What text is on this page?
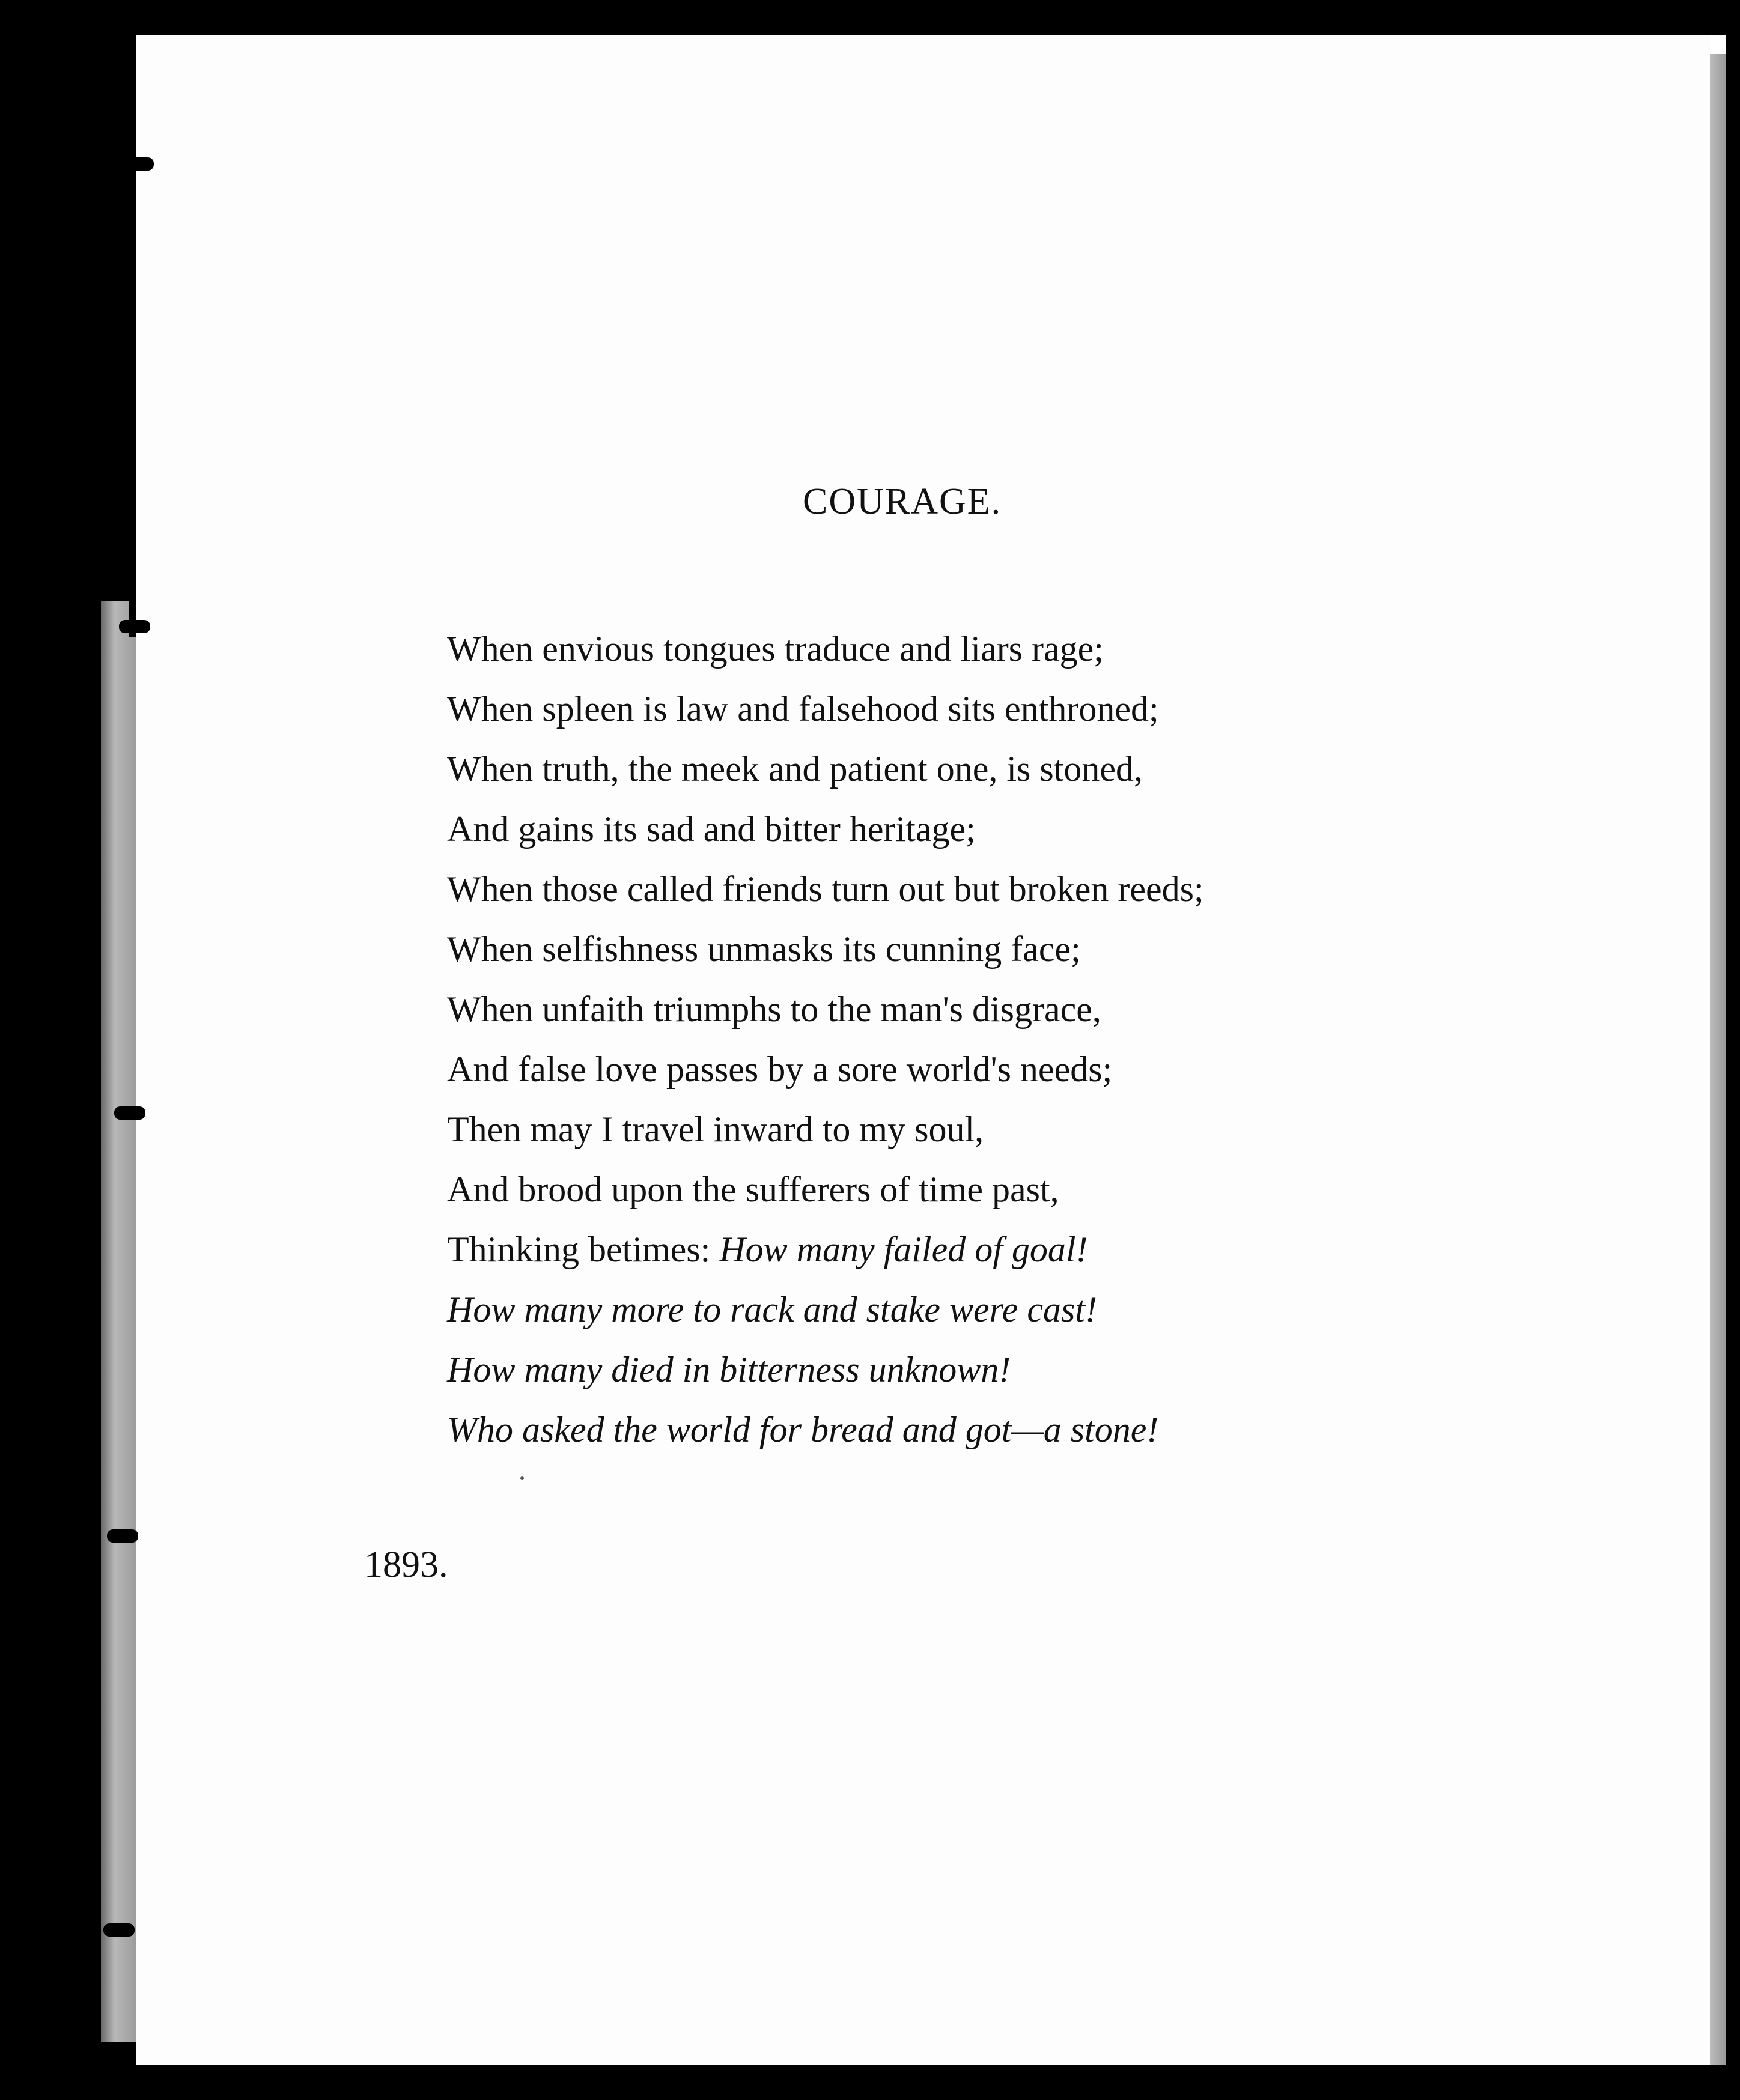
COURAGE.
When envious tongues traduce and liars rage;
When spleen is law and falsehood sits enthroned;
When truth, the meek and patient one, is stoned,
And gains its sad and bitter heritage;
When those called friends turn out but broken reeds;
When selfishness unmasks its cunning face;
When unfaith triumphs to the man's disgrace,
And false love passes by a sore world's needs;
Then may I travel inward to my soul,
And brood upon the sufferers of time past,
Thinking betimes: How many failed of goal!
How many more to rack and stake were cast!
How many died in bitterness unknown!
Who asked the world for bread and got—a stone!
1893.
